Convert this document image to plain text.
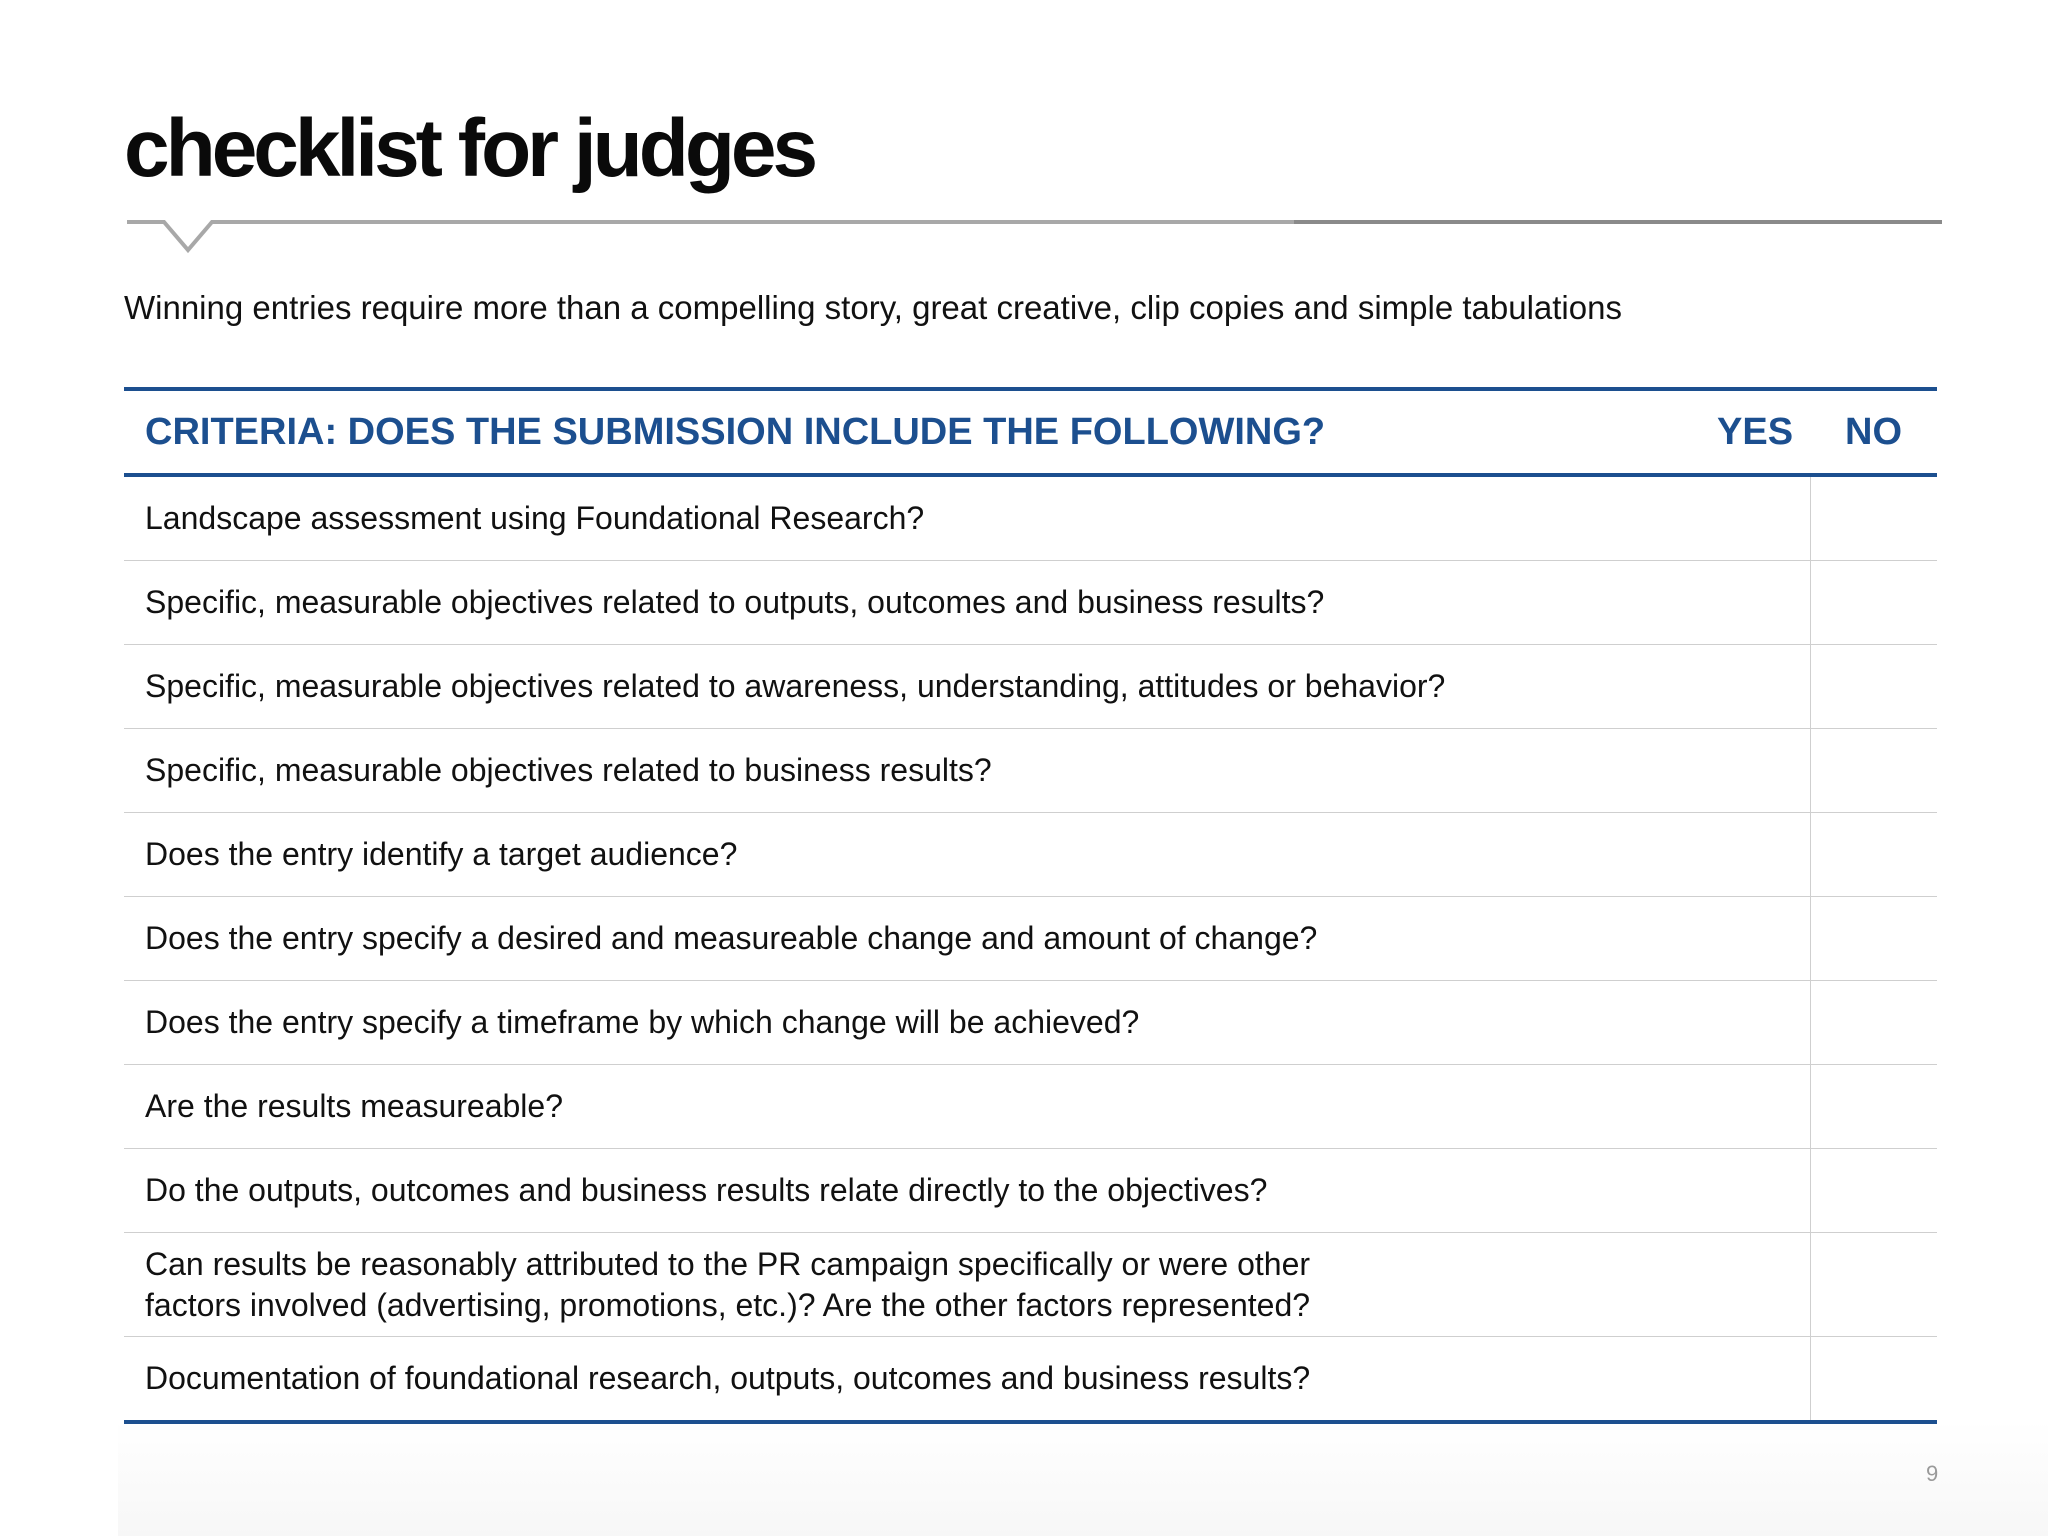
checklist for judges

Winning entries require more than a compelling story, great creative, clip copies and simple tabulations

CRITERIA: DOES THE SUBMISSION INCLUDE THE FOLLOWING? YES	NO
Landscape assessment using Foundational Research?	
Specific, measurable objectives related to outputs, outcomes and business results?	
Specific, measurable objectives related to awareness, understanding, attitudes or behavior?	
Specific, measurable objectives related to business results?	
Does the entry identify a target audience?	
Does the entry specify a desired and measureable change and amount of change?	
Does the entry specify a timeframe by which change will be achieved?	
Are the results measureable?	
Do the outputs, outcomes and business results relate directly to the objectives?	

Can results be reasonably attributed to the PR campaign specifically or were other
factors involved (advertising, promotions, etc.)? Are the other factors represented?	

Documentation of foundational research, outputs, outcomes and business results?	
9
